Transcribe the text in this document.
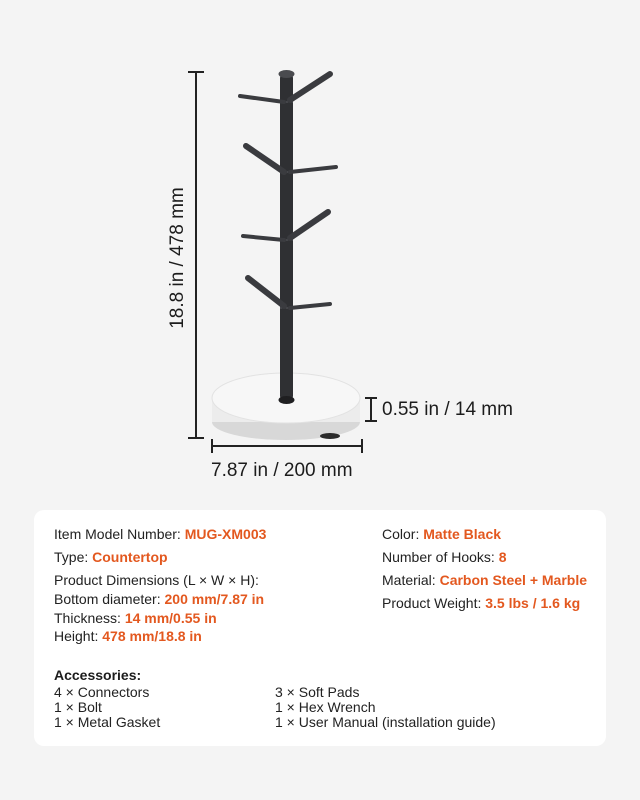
18.8 in / 478 mm
0.55 in / 14 mm
7.87 in / 200 mm
Item Model Number: MUG-XM003
Type: Countertop
Product Dimensions (L × W × H):
Bottom diameter: 200 mm/7.87 in
Thickness: 14 mm/0.55 in
Height: 478 mm/18.8 in
Color: Matte Black
Number of Hooks: 8
Material: Carbon Steel + Marble
Product Weight: 3.5 lbs / 1.6 kg
Accessories:
4 × Connectors
1 × Bolt
1 × Metal Gasket
3 × Soft Pads
1 × Hex Wrench
1 × User Manual (installation guide)
